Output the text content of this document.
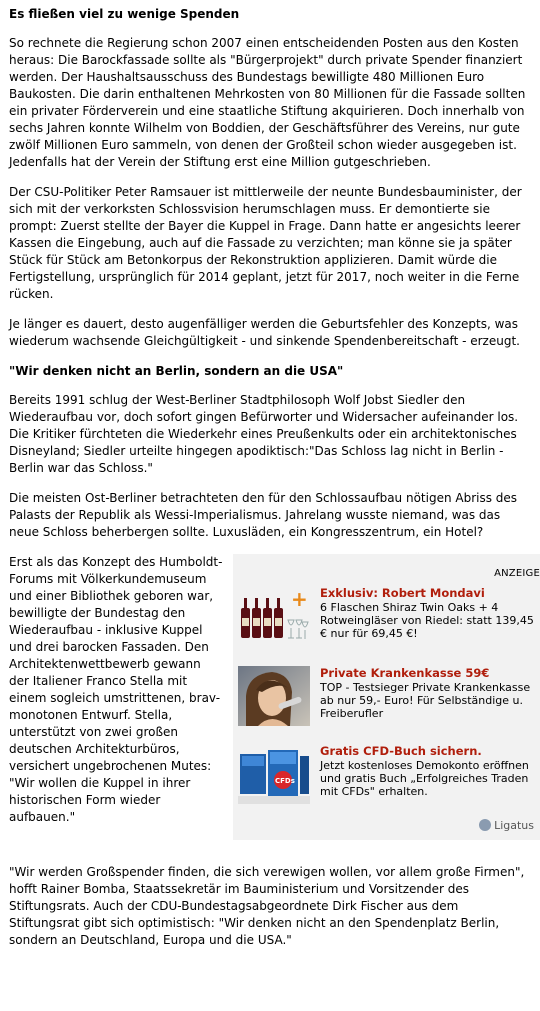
Es fließen viel zu wenige Spenden

So rechnete die Regierung schon 2007 einen entscheidenden Posten aus den Kosten heraus: Die Barockfassade sollte als "Bürgerprojekt" durch private Spender finanziert werden. Der Haushaltsausschuss des Bundestags bewilligte 480 Millionen Euro Baukosten. Die darin enthaltenen Mehrkosten von 80 Millionen für die Fassade sollten ein privater Förderverein und eine staatliche Stiftung akquirieren. Doch innerhalb von sechs Jahren konnte Wilhelm von Boddien, der Geschäftsführer des Vereins, nur gute zwölf Millionen Euro sammeln, von denen der Großteil schon wieder ausgegeben ist. Jedenfalls hat der Verein der Stiftung erst eine Million gutgeschrieben.

Der CSU-Politiker Peter Ramsauer ist mittlerweile der neunte Bundesbauminister, der sich mit der verkorksten Schlossvision herumschlagen muss. Er demontierte sie prompt: Zuerst stellte der Bayer die Kuppel in Frage. Dann hatte er angesichts leerer Kassen die Eingebung, auch auf die Fassade zu verzichten; man könne sie ja später Stück für Stück am Betonkorpus der Rekonstruktion applizieren. Damit würde die Fertigstellung, ursprünglich für 2014 geplant, jetzt für 2017, noch weiter in die Ferne rücken.

Je länger es dauert, desto augenfälliger werden die Geburtsfehler des Konzepts, was wiederum wachsende Gleichgültigkeit - und sinkende Spendenbereitschaft - erzeugt.

"Wir denken nicht an Berlin, sondern an die USA"

Bereits 1991 schlug der West-Berliner Stadtphilosoph Wolf Jobst Siedler den Wiederaufbau vor, doch sofort gingen Befürworter und Widersacher aufeinander los. Die Kritiker fürchteten die Wiederkehr eines Preußenkults oder ein architektonisches Disneyland; Siedler urteilte hingegen apodiktisch:"Das Schloss lag nicht in Berlin - Berlin war das Schloss."

Die meisten Ost-Berliner betrachteten den für den Schlossaufbau nötigen Abriss des Palasts der Republik als Wessi-Imperialismus. Jahrelang wusste niemand, was das neue Schloss beherbergen sollte. Luxusläden, ein Kongresszentrum, ein Hotel?

Erst als das Konzept des Humboldt-Forums mit Völkerkundemuseum und einer Bibliothek geboren war, bewilligte der Bundestag den Wiederaufbau - inklusive Kuppel und drei barocken Fassaden. Den Architektenwettbewerb gewann der Italiener Franco Stella mit einem sogleich umstrittenen, brav-monotonen Entwurf. Stella, unterstützt von zwei großen deutschen Architekturbüros, versichert ungebrochenen Mutes: "Wir wollen die Kuppel in ihrer historischen Form wieder aufbauen."
ANZEIGE
+ Exklusiv: Robert Mondavi
6 Flaschen Shiraz Twin Oaks + 4 Rotweingläser von Riedel: statt 139,45 € nur für 69,45 €!
Private Krankenkasse 59€
TOP - Testsieger Private Krankenkasse ab nur 59,- Euro! Für Selbständige u. Freiberufler
CFDs
Gratis CFD-Buch sichern.
Jetzt kostenloses Demokonto eröffnen und gratis Buch „Erfolgreiches Traden mit CFDs" erhalten.
Ligatus

"Wir werden Großspender finden, die sich verewigen wollen, vor allem große Firmen", hofft Rainer Bomba, Staatssekretär im Bauministerium und Vorsitzender des Stiftungsrats. Auch der CDU-Bundestagsabgeordnete Dirk Fischer aus dem Stiftungsrat gibt sich optimistisch: "Wir denken nicht an den Spendenplatz Berlin, sondern an Deutschland, Europa und die USA."
